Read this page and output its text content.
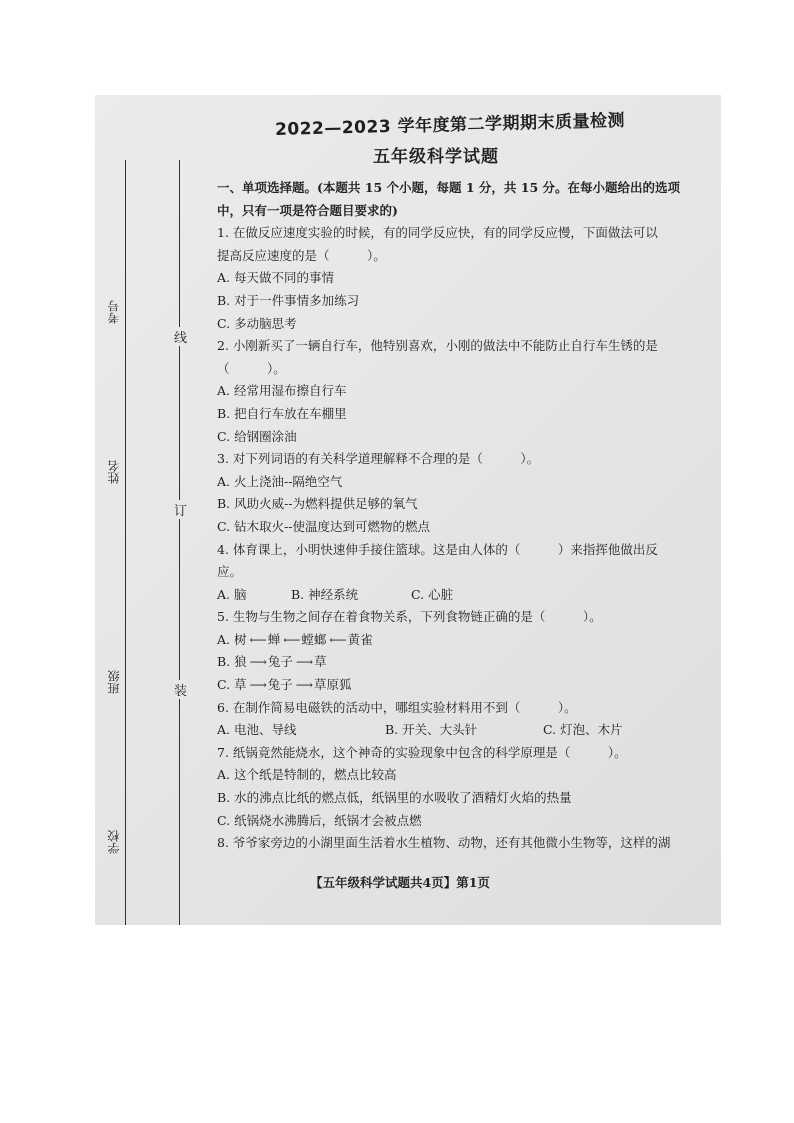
考号
姓名
班级
学校
线
订
装
2022—2023 学年度第二学期期末质量检测
五年级科学试题
一、单项选择题。(本题共 15 个小题，每题 1 分，共 15 分。在每小题给出的选项
中，只有一项是符合题目要求的)
1. 在做反应速度实验的时候，有的同学反应快，有的同学反应慢，下面做法可以
提高反应速度的是（　　　）。
A. 每天做不同的事情
B. 对于一件事情多加练习
C. 多动脑思考
2. 小刚新买了一辆自行车，他特别喜欢，小刚的做法中不能防止自行车生锈的是
（　　　）。
A. 经常用湿布擦自行车
B. 把自行车放在车棚里
C. 给钢圈涂油
3. 对下列词语的有关科学道理解释不合理的是（　　　）。
A. 火上浇油--隔绝空气
B. 风助火威--为燃料提供足够的氧气
C. 钻木取火--使温度达到可燃物的燃点
4. 体育课上，小明快速伸手接住篮球。这是由人体的（　　　）来指挥他做出反
应。
A. 脑	B. 神经系统	C. 心脏
5. 生物与生物之间存在着食物关系，下列食物链正确的是（　　　）。
A. 树 ⟵ 蝉 ⟵ 螳螂 ⟵ 黄雀
B. 狼 ⟶ 兔子 ⟶ 草
C. 草 ⟶ 兔子 ⟶ 草原狐
6. 在制作简易电磁铁的活动中，哪组实验材料用不到（　　　）。
A. 电池、导线	B. 开关、大头针	C. 灯泡、木片
7. 纸锅竟然能烧水，这个神奇的实验现象中包含的科学原理是（　　　）。
A. 这个纸是特制的，燃点比较高
B. 水的沸点比纸的燃点低，纸锅里的水吸收了酒精灯火焰的热量
C. 纸锅烧水沸腾后，纸锅才会被点燃
8. 爷爷家旁边的小湖里面生活着水生植物、动物，还有其他微小生物等，这样的湖
【五年级科学试题共4页】第1页
